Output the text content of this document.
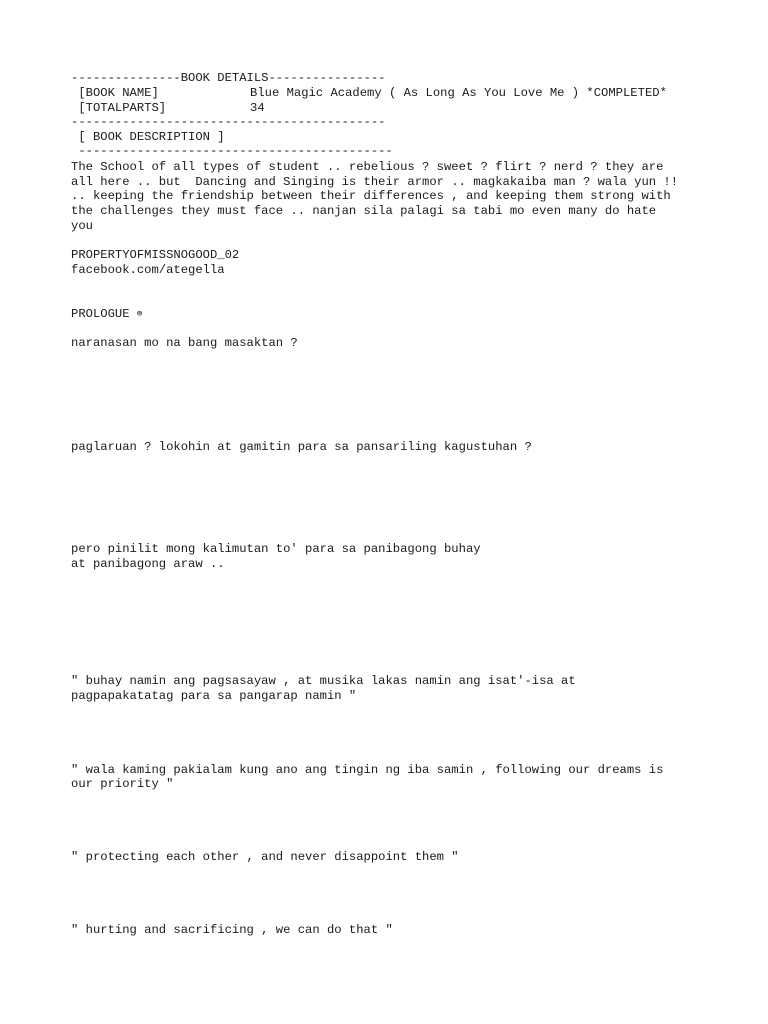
---------------BOOK DETAILS----------------
[BOOK NAME]	Blue Magic Academy ( As Long As You Love Me ) *COMPLETED*
[TOTALPARTS]	34
-------------------------------------------
[ BOOK DESCRIPTION ]
-------------------------------------------
The School of all types of student .. rebelious ? sweet ? flirt ? nerd ? they are
all here .. but  Dancing and Singing is their armor .. magkakaiba man ? wala yun !!
.. keeping the friendship between their differences , and keeping them strong with
the challenges they must face .. nanjan sila palagi sa tabi mo even many do hate
you
PROPERTYOFMISSNOGOOD_02
facebook.com/ategella
PROLOGUE ⊜
naranasan mo na bang masaktan ?
paglaruan ? lokohin at gamitin para sa pansariling kagustuhan ?
pero pinilit mong kalimutan to' para sa panibagong buhay
at panibagong araw ..
" buhay namin ang pagsasayaw , at musika lakas namin ang isat'-isa at
pagpapakatatag para sa pangarap namin "
" wala kaming pakialam kung ano ang tingin ng iba samin , following our dreams is
our priority "
" protecting each other , and never disappoint them "
" hurting and sacrificing , we can do that "
